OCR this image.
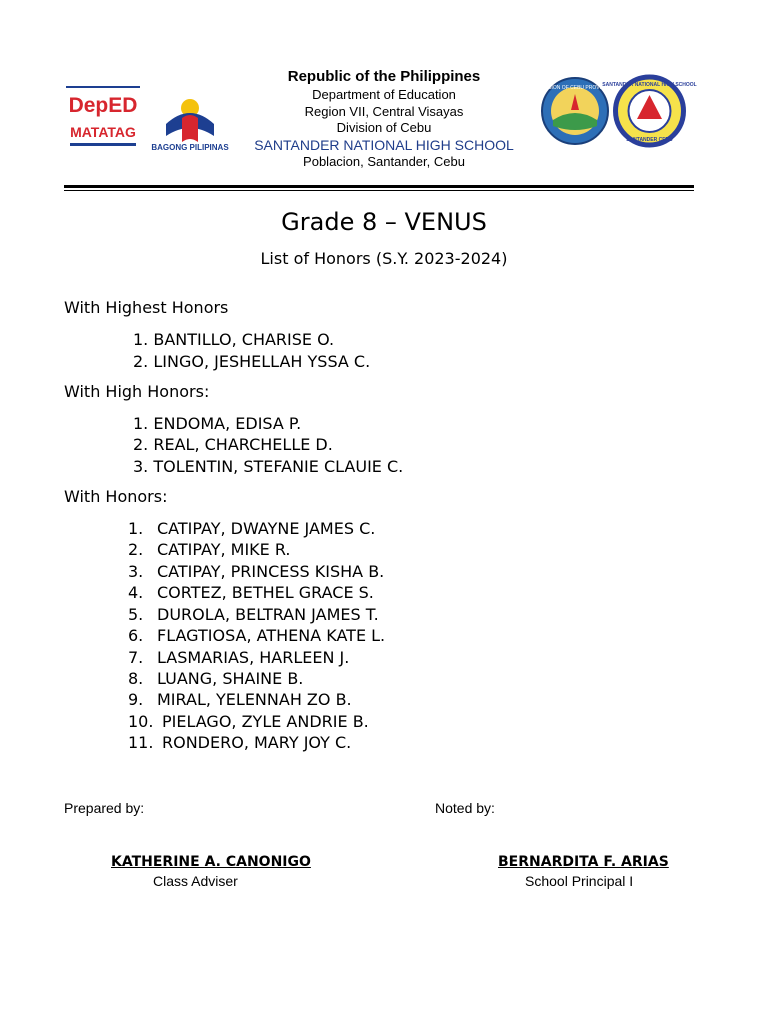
DepED
MATATAG
BAGONG PILIPINAS
DIVISION OF CEBU PROVINCE
SANTANDER NATIONAL HIGH SCHOOL
SANTANDER CEBU
Republic of the Philippines
Department of Education
Region VII, Central Visayas
Division of Cebu
SANTANDER NATIONAL HIGH SCHOOL
Poblacion, Santander, Cebu
Grade 8 – VENUS
List of Honors (S.Y. 2023-2024)
With Highest Honors
1. BANTILLO, CHARISE O.
2. LINGO, JESHELLAH YSSA C.
With High Honors:
1. ENDOMA, EDISA P.
2. REAL, CHARCHELLE D.
3. TOLENTIN, STEFANIE CLAUIE C.
With Honors:
1. CATIPAY, DWAYNE JAMES C.
2. CATIPAY, MIKE R.
3. CATIPAY, PRINCESS KISHA B.
4. CORTEZ, BETHEL GRACE S.
5. DUROLA, BELTRAN JAMES T.
6. FLAGTIOSA, ATHENA KATE L.
7. LASMARIAS, HARLEEN J.
8. LUANG, SHAINE B.
9. MIRAL, YELENNAH ZO B.
10. PIELAGO, ZYLE ANDRIE B.
11. RONDERO, MARY JOY C.
Prepared by:	Noted by:
KATHERINE A. CANONIGO
Class Adviser
BERNARDITA F. ARIAS
School Principal I
